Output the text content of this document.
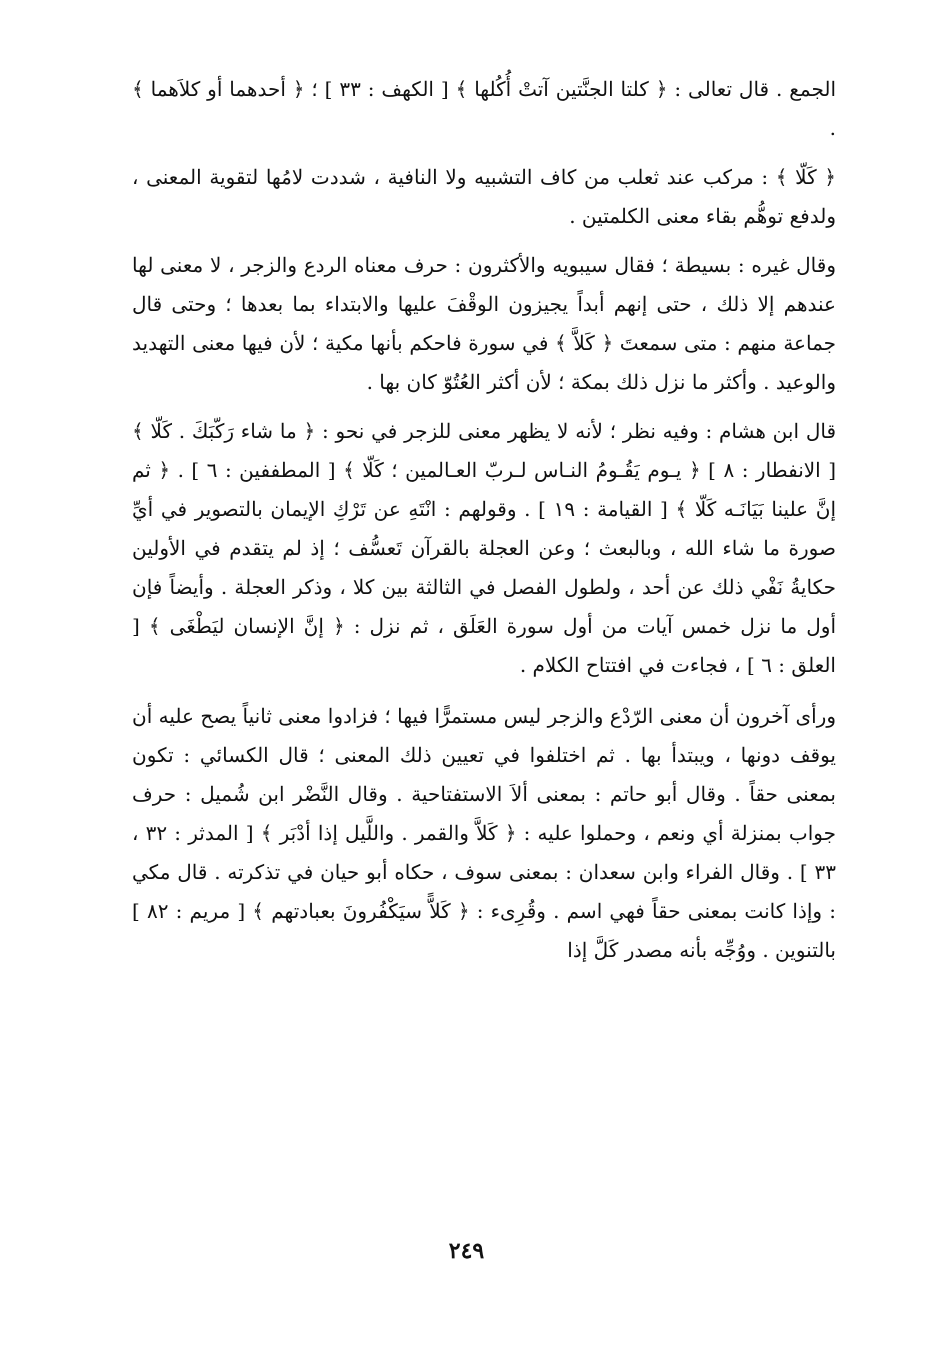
الجمع . قال تعالى : ﴿ كلتا الجنَّتين آتتْ أُكُلها ﴾ [ الكهف : ٣٣ ] ؛ ﴿ أحدهما أو كلاَهما ﴾ .

﴿ كَلّا ﴾ : مركب عند ثعلب من كاف التشبيه ولا النافية ، شددت لامُها لتقوية المعنى ، ولدفع توهُّم بقاء معنى الكلمتين .

وقال غيره : بسيطة ؛ فقال سيبويه والأكثرون : حرف معناه الردع والزجر ، لا معنى لها عندهم إلا ذلك ، حتى إنهم أبداً يجيزون الوقْفَ عليها والابتداء بما بعدها ؛ وحتى قال جماعة منهم : متى سمعتَ ﴿ كَلاَّ ﴾ في سورة فاحكم بأنها مكية ؛ لأن فيها معنى التهديد والوعيد . وأكثر ما نزل ذلك بمكة ؛ لأن أكثر العُتُوّ كان بها .

قال ابن هشام : وفيه نظر ؛ لأنه لا يظهر معنى للزجر في نحو : ﴿ ما شاء رَكّبَكَ . كَلّا ﴾ [ الانفطار : ٨ ] ﴿ يـوم يَقُـومُ النـاس لـربّ العـالمين ؛ كَلّا ﴾ [ المطففين : ٦ ] . ﴿ ثم إنَّ علينا بَيَانَـه كَلّا ﴾ [ القيامة : ١٩ ] . وقولهم : انْتَهِ عن تَرْكِ الإيمان بالتصوير في أيِّ صورة ما شاء الله ، وبالبعث ؛ وعن العجلة بالقرآن تَعسُّف ؛ إذ لم يتقدم في الأولين حكايةُ نَفْي ذلك عن أحد ، ولطول الفصل في الثالثة بين كلا ، وذكر العجلة . وأيضاً فإن أول ما نزل خمس آيات من أول سورة العَلَق ، ثم نزل : ﴿ إنَّ الإنسان ليَطْغَى ﴾ [ العلق : ٦ ] ، فجاءت في افتتاح الكلام .

ورأى آخرون أن معنى الرّدْع والزجر ليس مستمرًّا فيها ؛ فزادوا معنى ثانياً يصح عليه أن يوقف دونها ، ويبتدأ بها . ثم اختلفوا في تعيين ذلك المعنى ؛ قال الكسائي : تكون بمعنى حقاً . وقال أبو حاتم : بمعنى ألاَ الاستفتاحية . وقال النَّضْر ابن شُميل : حرف جواب بمنزلة أي ونعم ، وحملوا عليه : ﴿ كَلاَّ والقمر . واللَّيل إذا أدْبَر ﴾ [ المدثر : ٣٢ ، ٣٣ ] . وقال الفراء وابن سعدان : بمعنى سوف ، حكاه أبو حيان في تذكرته . قال مكي : وإذا كانت بمعنى حقاً فهي اسم . وقُرِىء : ﴿ كَلاًّ سيَكْفُرونَ بعبادتهم ﴾ [ مريم : ٨٢ ] بالتنوين . ووُجِّه بأنه مصدر كَلَّ إذا

٢٤٩
